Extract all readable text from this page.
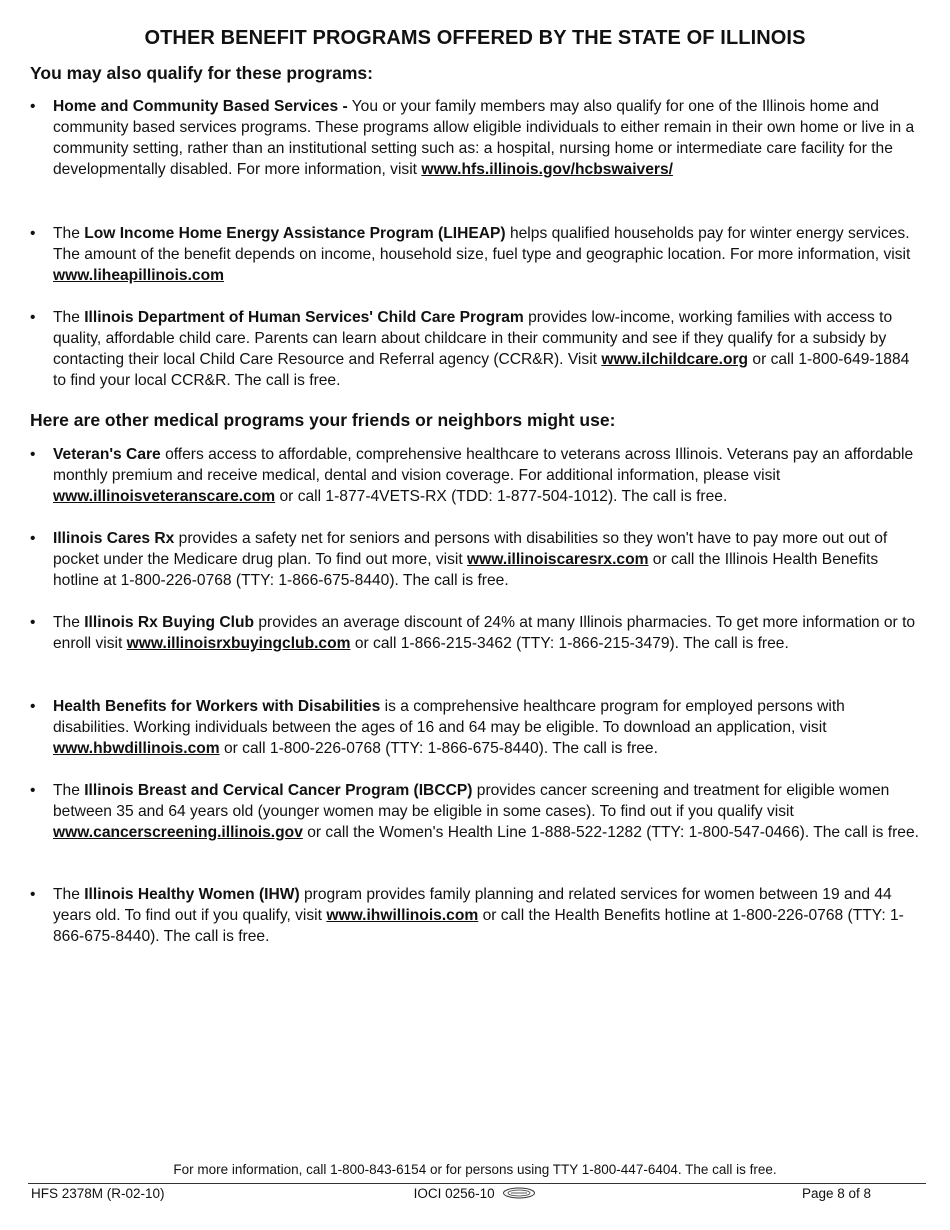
OTHER BENEFIT PROGRAMS OFFERED BY THE STATE OF ILLINOIS
You may also qualify for these programs:
• Home and Community Based Services - You or your family members may also qualify for one of the Illinois home and community based services programs. These programs allow eligible individuals to either remain in their own home or live in a community setting, rather than an institutional setting such as: a hospital, nursing home or intermediate care facility for the developmentally disabled. For more information, visit www.hfs.illinois.gov/hcbswaivers/
• The Low Income Home Energy Assistance Program (LIHEAP) helps qualified households pay for winter energy services. The amount of the benefit depends on income, household size, fuel type and geographic location. For more information, visit www.liheapillinois.com
• The Illinois Department of Human Services' Child Care Program provides low-income, working families with access to quality, affordable child care. Parents can learn about childcare in their community and see if they qualify for a subsidy by contacting their local Child Care Resource and Referral agency (CCR&R). Visit www.ilchildcare.org or call 1-800-649-1884 to find your local CCR&R. The call is free.
Here are other medical programs your friends or neighbors might use:
• Veteran's Care offers access to affordable, comprehensive healthcare to veterans across Illinois. Veterans pay an affordable monthly premium and receive medical, dental and vision coverage. For additional information, please visit www.illinoisveteranscare.com or call 1-877-4VETS-RX (TDD: 1-877-504-1012). The call is free.
• Illinois Cares Rx provides a safety net for seniors and persons with disabilities so they won't have to pay more out out of pocket under the Medicare drug plan. To find out more, visit www.illinoiscaresrx.com or call the Illinois Health Benefits hotline at 1-800-226-0768 (TTY: 1-866-675-8440). The call is free.
• The Illinois Rx Buying Club provides an average discount of 24% at many Illinois pharmacies. To get more information or to enroll visit www.illinoisrxbuyingclub.com or call 1-866-215-3462 (TTY: 1-866-215-3479). The call is free.
• Health Benefits for Workers with Disabilities is a comprehensive healthcare program for employed persons with disabilities. Working individuals between the ages of 16 and 64 may be eligible. To download an application, visit www.hbwdillinois.com or call 1-800-226-0768 (TTY: 1-866-675-8440). The call is free.
• The Illinois Breast and Cervical Cancer Program (IBCCP) provides cancer screening and treatment for eligible women between 35 and 64 years old (younger women may be eligible in some cases). To find out if you qualify visit www.cancerscreening.illinois.gov or call the Women's Health Line 1-888-522-1282 (TTY: 1-800-547-0466). The call is free.
• The Illinois Healthy Women (IHW) program provides family planning and related services for women between 19 and 44 years old. To find out if you qualify, visit www.ihwillinois.com or call the Health Benefits hotline at 1-800-226-0768 (TTY: 1-866-675-8440). The call is free.
For more information, call 1-800-843-6154 or for persons using TTY 1-800-447-6404. The call is free.
HFS 2378M (R-02-10)	IOCI 0256-10	Page 8 of 8
